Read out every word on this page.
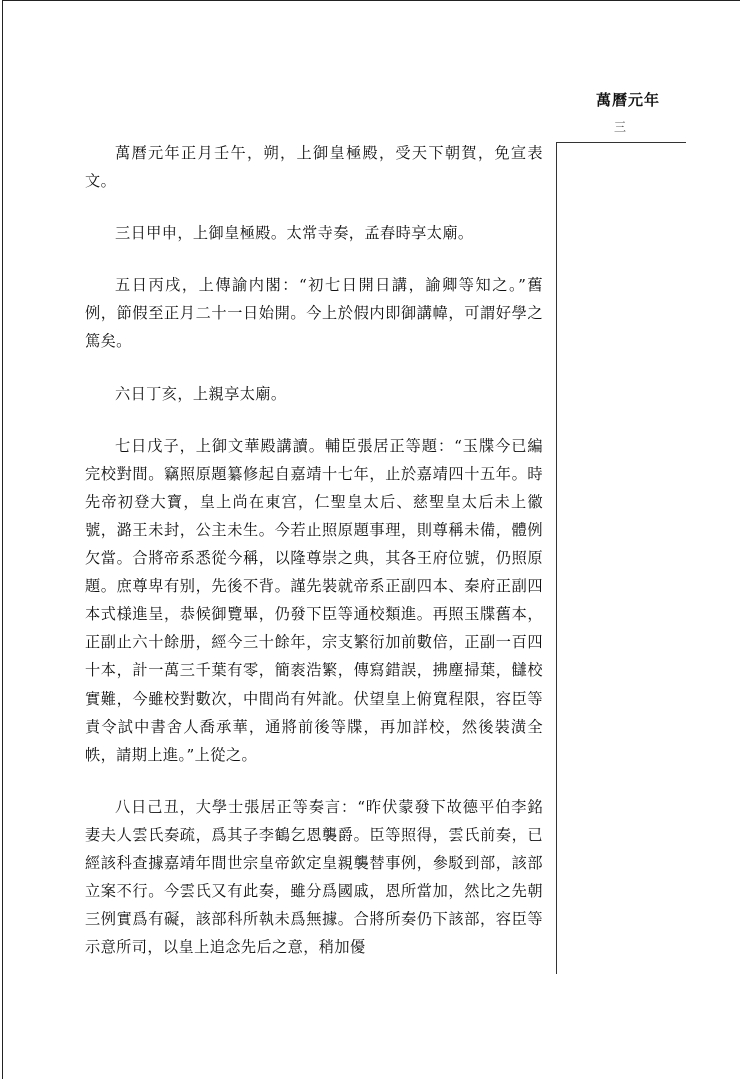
萬曆元年
三

萬曆元年正月壬午，朔，上御皇極殿，受天下朝賀，免宣表文。

三日甲申，上御皇極殿。太常寺奏，孟春時享太廟。

五日丙戌，上傳諭内閣：“初七日開日講，諭卿等知之。”舊例，節假至正月二十一日始開。今上於假内即御講幃，可謂好學之篤矣。

六日丁亥，上親享太廟。

七日戊子，上御文華殿講讀。輔臣張居正等題：“玉牒今已編完校對間。竊照原題纂修起自嘉靖十七年，止於嘉靖四十五年。時先帝初登大寶，皇上尚在東宫，仁聖皇太后、慈聖皇太后未上徽號，潞王未封，公主未生。今若止照原題事理，則尊稱未備，體例欠當。合將帝系悉從今稱，以隆尊崇之典，其各王府位號，仍照原題。庶尊卑有别，先後不背。謹先裝就帝系正副四本、秦府正副四本式様進呈，恭候御覽畢，仍發下臣等通校類進。再照玉牒舊本，正副止六十餘册，經今三十餘年，宗支繁衍加前數倍，正副一百四十本，計一萬三千葉有零，簡袠浩繁，傳寫錯誤，拂塵掃葉，讎校實難，今雖校對數次，中間尚有舛訛。伏望皇上俯寬程限，容臣等責令試中書舍人喬承華，通將前後等牒，再加詳校，然後裝潢全帙，請期上進。”上從之。

八日己丑，大學士張居正等奏言：“昨伏蒙發下故德平伯李銘妻夫人雲氏奏疏，爲其子李鶴乞恩襲爵。臣等照得，雲氏前奏，已經該科查據嘉靖年間世宗皇帝欽定皇親襲替事例，參駁到部，該部立案不行。今雲氏又有此奏，雖分爲國戚，恩所當加，然比之先朝三例實爲有礙，該部科所執未爲無據。合將所奏仍下該部，容臣等示意所司，以皇上追念先后之意，稍加優
